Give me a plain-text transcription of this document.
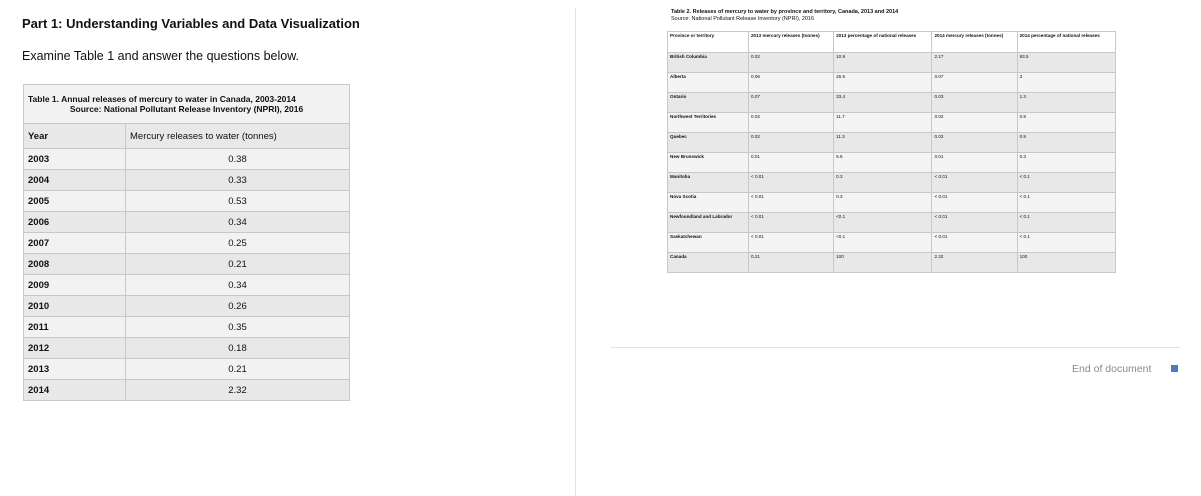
Part 1: Understanding Variables and Data Visualization
Examine Table 1 and answer the questions below.
Table 1. Annual releases of mercury to water in Canada, 2003-2014
Source: National Pollutant Release Inventory (NPRI), 2016	

Year	Mercury releases to water (tonnes)
2003	0.38
2004	0.33
2005	0.53
2006	0.34
2007	0.25
2008	0.21
2009	0.34
2010	0.26
2011	0.35
2012	0.18
2013	0.21
2014	2.32
Table 2. Releases of mercury to water by province and territory, Canada, 2013 and 2014
Source: National Pollutant Release Inventory (NPRI), 2016
Province or territory	2013 mercury releases (tonnes)	2013 percentage of national releases	2014 mercury releases (tonnes)	2014 percentage of national releases
British Columbia	0.02	10.9	2.17	93.5
Alberta	0.06	26.5	0.07	3
Ontario	0.07	33.4	0.03	1.3
Northwest Territories	0.02	11.7	0.02	0.9
Quebec	0.02	11.3	0.02	0.9
New Brunswick	0.01	5.6	0.01	0.3
Manitoba	< 0.01	0.3	< 0.01	< 0.1
Nova Scotia	< 0.01	0.3	< 0.01	< 0.1
Newfoundland and Labrador	< 0.01	<0.1	< 0.01	< 0.1
Saskatchewan	< 0.01	<0.1	< 0.01	< 0.1
Canada	0.21	100	2.32	100
End of document
